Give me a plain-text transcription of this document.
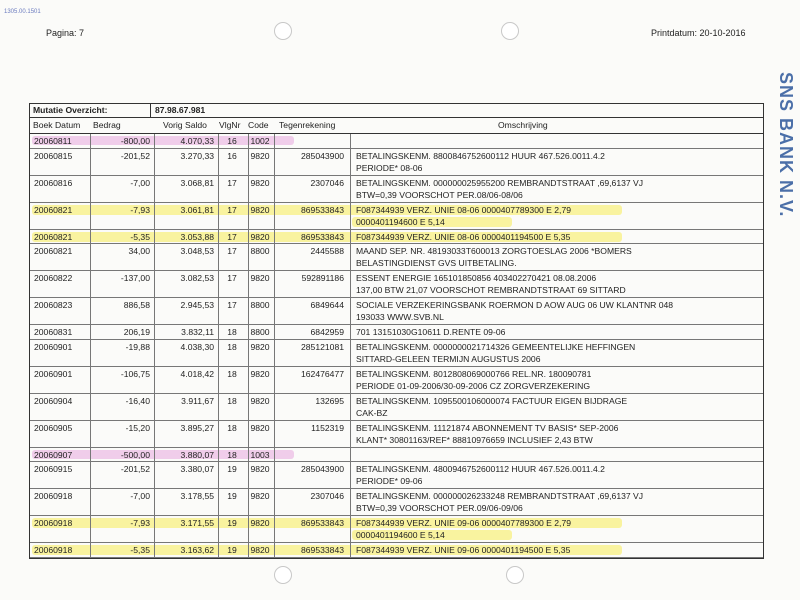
1305.00.1501
Pagina: 7	Printdatum: 20-10-2016
SNS BANK N.V.
Mutatie Overzicht:	87.98.67.981
Boek Datum Bedrag	Vorig Saldo VlgNr Code Tegenrekening	Omschrijving
20060811	-800,00	4.070,33	16	1002
20060815	-201,52	3.270,33	16	9820	285043900 BETALINGSKENM. 8800846752600112 HUUR 467.526.0011.4.2
PERIODE* 08-06
20060816	-7,00	3.068,81	17	9820	2307046 BETALINGSKENM. 000000025955200 REMBRANDTSTRAAT ,69,6137 VJ
BTW=0,39 VOORSCHOT PER.08/06-08/06
20060821	-7,93	3.061,81	17	9820	869533843 F087344939 VERZ. UNIE 08-06 0000407789300 E 2,79
0000401194600 E 5,14
20060821	-5,35	3.053,88	17	9820	869533843 F087344939 VERZ. UNIE 08-06 0000401194500 E 5,35
20060821	34,00	3.048,53	17	8800	2445588 MAAND SEP. NR. 48193033T600013 ZORGTOESLAG 2006 *BOMERS
BELASTINGDIENST GVS UITBETALING.
20060822	-137,00	3.082,53	17	9820	592891186 ESSENT ENERGIE 165101850856 403402270421 08.08.2006
137,00 BTW 21,07 VOORSCHOT REMBRANDTSTRAAT 69 SITTARD
20060823	886,58	2.945,53	17	8800	6849644 SOCIALE VERZEKERINGSBANK ROERMON D AOW AUG 06 UW KLANTNR 048
193033 WWW.SVB.NL
20060831	206,19	3.832,11	18	8800	6842959 701 13151030G10611 D.RENTE 09-06
20060901	-19,88	4.038,30	18	9820	285121081 BETALINGSKENM. 0000000021714326 GEMEENTELIJKE HEFFINGEN
SITTARD-GELEEN TERMIJN AUGUSTUS 2006
20060901	-106,75	4.018,42	18	9820	162476477 BETALINGSKENM. 8012808069000766 REL.NR. 180090781
PERIODE 01-09-2006/30-09-2006 CZ ZORGVERZEKERING
20060904	-16,40	3.911,67	18	9820	132695 BETALINGSKENM. 1095500106000074 FACTUUR EIGEN BIJDRAGE
CAK-BZ
20060905	-15,20	3.895,27	18	9820	1152319 BETALINGSKENM. 11121874 ABONNEMENT TV BASIS* SEP-2006
KLANT* 30801163/REF* 88810976659 INCLUSIEF 2,43 BTW
20060907	-500,00	3.880,07	18	1003
20060915	-201,52	3.380,07	19	9820	285043900 BETALINGSKENM. 4800946752600112 HUUR 467.526.0011.4.2
PERIODE* 09-06
20060918	-7,00	3.178,55	19	9820	2307046 BETALINGSKENM. 000000026233248 REMBRANDTSTRAAT ,69,6137 VJ
BTW=0,39 VOORSCHOT PER.09/06-09/06
20060918	-7,93	3.171,55	19	9820	869533843 F087344939 VERZ. UNIE 09-06 0000407789300 E 2,79
0000401194600 E 5,14
20060918	-5,35	3.163,62	19	9820	869533843 F087344939 VERZ. UNIE 09-06 0000401194500 E 5,35
